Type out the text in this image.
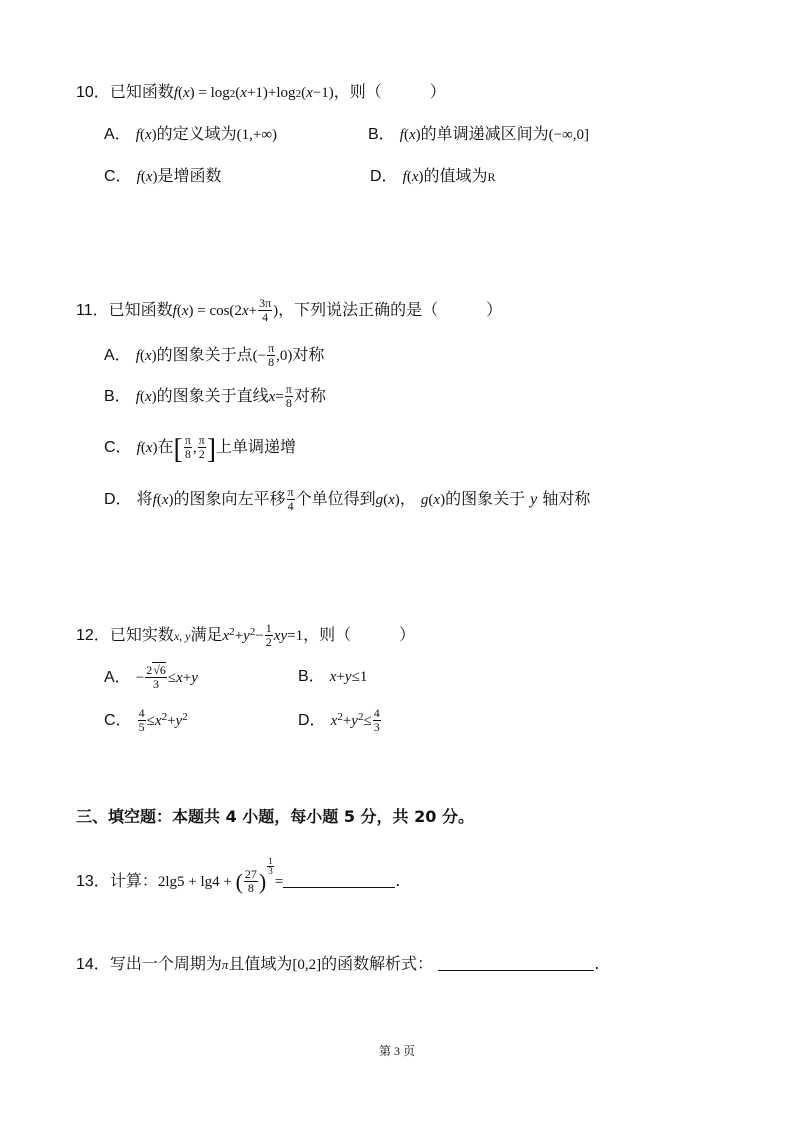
10．已知函数f(x) = log2(x+1)+log2(x−1)，则（　　　）
A． f(x)的定义域为(1,+∞)	B． f(x)的单调递减区间为(−∞,0]
C． f(x)是增函数	D． f(x)的值域为R
11．已知函数$f(x) = \cos(2x+ \frac{3\pi}{4}$ )，下列说法正确的是（　　　）
A． f(x)的图象关于点(− $\frac{\pi}{8} ,0$)对称
B． f(x)的图象关于直线$x= \frac{\pi}{8}$ 对称
C． f(x)在[ $\frac{\pi}{8}$ , $\frac{\pi}{2}$ ]上单调递增
D． 将f(x)的图象向左平移 $\frac{\pi}{4}$ 个单位得到g(x)， g(x)的图象关于 y 轴对称
12．已知实数x, y满足$x^2+y^2- \frac{1}{2} xy=1$，则（　　　）
A． − $\frac{2√6}{3} \le x+y$	B． x+y≤1
C． $\frac{4}{5} \le x^2+y^2$	D． $x^2+y^2\le \frac{4}{3}$
三、填空题：本题共 4 小题，每小题 5 分，共 20 分。
13．计算：2lg5 + lg4 + ( $\frac{27}{8}$ )
$\frac{1}{3}$
=	.
14．写出一个周期为π且值域为[0,2]的函数解析式：	.
第 3 页
